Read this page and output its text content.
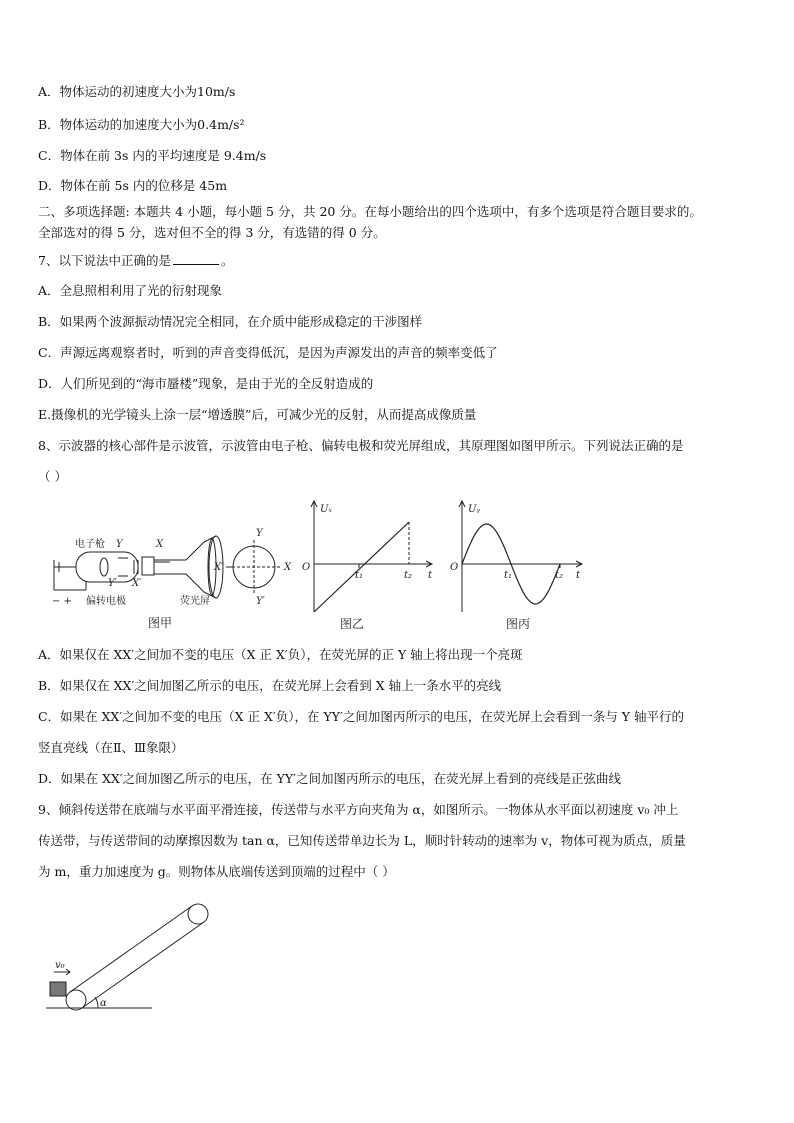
A．物体运动的初速度大小为10m/s
B．物体运动的加速度大小为0.4m/s²
C．物体在前 3s 内的平均速度是 9.4m/s
D．物体在前 5s 内的位移是 45m
二、多项选择题: 本题共 4 小题，每小题 5 分，共 20 分。在每小题给出的四个选项中，有多个选项是符合题目要求的。
全部选对的得 5 分，选对但不全的得 3 分，有选错的得 0 分。
7、以下说法中正确的是	。
A．全息照相利用了光的衍射现象
B．如果两个波源振动情况完全相同，在介质中能形成稳定的干涉图样
C．声源远离观察者时，听到的声音变得低沉，是因为声源发出的声音的频率变低了
D．人们所见到的“海市蜃楼”现象，是由于光的全反射造成的
E.摄像机的光学镜头上涂一层“增透膜”后，可减少光的反射，从而提高成像质量
8、示波器的核心部件是示波管，示波管由电子枪、偏转电极和荧光屏组成，其原理图如图甲所示。下列说法正确的是
（ ）
电子枪 Y	X
Y′ X′
− + 偏转电极	荧光屏
Y
Y′
X′	X
图甲
Uₓ
O
t₁	t₂ t
图乙
Uᵧ
O
t₁	t₂ t
图丙
A．如果仅在 XX′之间加不变的电压（X 正 X′负），在荧光屏的正 Y 轴上将出现一个亮斑
B．如果仅在 XX′之间加图乙所示的电压，在荧光屏上会看到 X 轴上一条水平的亮线
C．如果在 XX′之间加不变的电压（X 正 X′负），在 YY′之间加图丙所示的电压，在荧光屏上会看到一条与 Y 轴平行的
竖直亮线（在Ⅱ、Ⅲ象限）
D．如果在 XX′之间加图乙所示的电压，在 YY′之间加图丙所示的电压，在荧光屏上看到的亮线是正弦曲线
9、倾斜传送带在底端与水平面平滑连接，传送带与水平方向夹角为 α，如图所示。一物体从水平面以初速度 v₀ 冲上
传送带，与传送带间的动摩擦因数为 tan α，已知传送带单边长为 L，顺时针转动的速率为 v，物体可视为质点，质量
为 m，重力加速度为 g。则物体从底端传送到顶端的过程中（ ）
v₀
α
